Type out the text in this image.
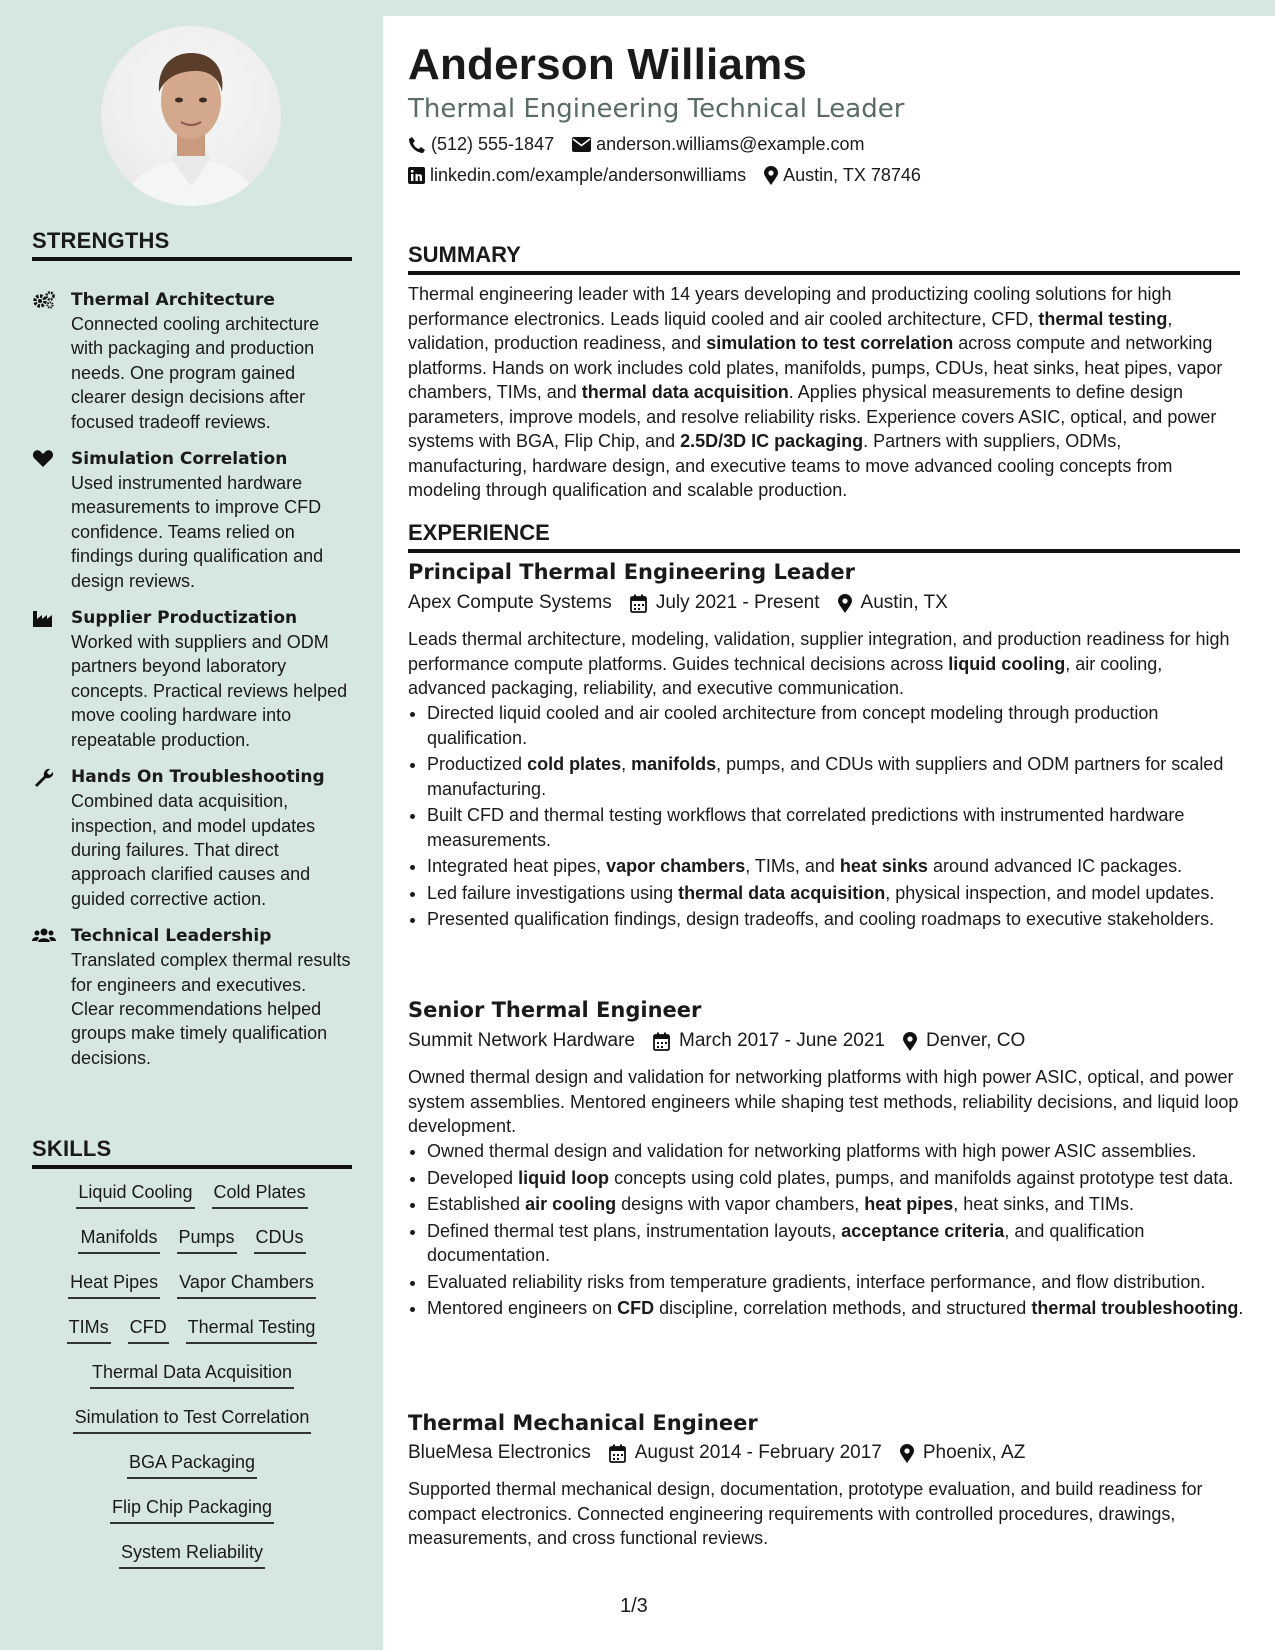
STRENGTHS
Thermal Architecture
Connected cooling architecture with packaging and production needs. One program gained clearer design decisions after focused tradeoff reviews.
Simulation Correlation
Used instrumented hardware measurements to improve CFD confidence. Teams relied on findings during qualification and design reviews.
Supplier Productization
Worked with suppliers and ODM partners beyond laboratory concepts. Practical reviews helped move cooling hardware into repeatable production.
Hands On Troubleshooting
Combined data acquisition, inspection, and model updates during failures. That direct approach clarified causes and guided corrective action.
Technical Leadership
Translated complex thermal results for engineers and executives. Clear recommendations helped groups make timely qualification decisions.
SKILLS
Liquid Cooling Cold Plates
Manifolds Pumps CDUs
Heat Pipes Vapor Chambers
TIMs CFD Thermal Testing
Thermal Data Acquisition
Simulation to Test Correlation
BGA Packaging
Flip Chip Packaging
System Reliability
Anderson Williams
Thermal Engineering Technical Leader
(512) 555-1847 anderson.williams@example.com
linkedin.com/example/andersonwilliams Austin, TX 78746
SUMMARY
Thermal engineering leader with 14 years developing and productizing cooling solutions for high performance electronics. Leads liquid cooled and air cooled architecture, CFD, thermal testing, validation, production readiness, and simulation to test correlation across compute and networking platforms. Hands on work includes cold plates, manifolds, pumps, CDUs, heat sinks, heat pipes, vapor chambers, TIMs, and thermal data acquisition. Applies physical measurements to define design parameters, improve models, and resolve reliability risks. Experience covers ASIC, optical, and power systems with BGA, Flip Chip, and 2.5D/3D IC packaging. Partners with suppliers, ODMs, manufacturing, hardware design, and executive teams to move advanced cooling concepts from modeling through qualification and scalable production.
EXPERIENCE
Principal Thermal Engineering Leader
Apex Compute Systems July 2021 - Present Austin, TX
Leads thermal architecture, modeling, validation, supplier integration, and production readiness for high performance compute platforms. Guides technical decisions across liquid cooling, air cooling, advanced packaging, reliability, and executive communication.
• Directed liquid cooled and air cooled architecture from concept modeling through production qualification.
• Productized cold plates, manifolds, pumps, and CDUs with suppliers and ODM partners for scaled manufacturing.
• Built CFD and thermal testing workflows that correlated predictions with instrumented hardware measurements.
• Integrated heat pipes, vapor chambers, TIMs, and heat sinks around advanced IC packages.
• Led failure investigations using thermal data acquisition, physical inspection, and model updates.
• Presented qualification findings, design tradeoffs, and cooling roadmaps to executive stakeholders.
Senior Thermal Engineer
Summit Network Hardware March 2017 - June 2021 Denver, CO
Owned thermal design and validation for networking platforms with high power ASIC, optical, and power system assemblies. Mentored engineers while shaping test methods, reliability decisions, and liquid loop development.
• Owned thermal design and validation for networking platforms with high power ASIC assemblies.
• Developed liquid loop concepts using cold plates, pumps, and manifolds against prototype test data.
• Established air cooling designs with vapor chambers, heat pipes, heat sinks, and TIMs.
• Defined thermal test plans, instrumentation layouts, acceptance criteria, and qualification documentation.
• Evaluated reliability risks from temperature gradients, interface performance, and flow distribution.
• Mentored engineers on CFD discipline, correlation methods, and structured thermal troubleshooting.
Thermal Mechanical Engineer
BlueMesa Electronics August 2014 - February 2017 Phoenix, AZ
Supported thermal mechanical design, documentation, prototype evaluation, and build readiness for compact electronics. Connected engineering requirements with controlled procedures, drawings, measurements, and cross functional reviews.
1/3
